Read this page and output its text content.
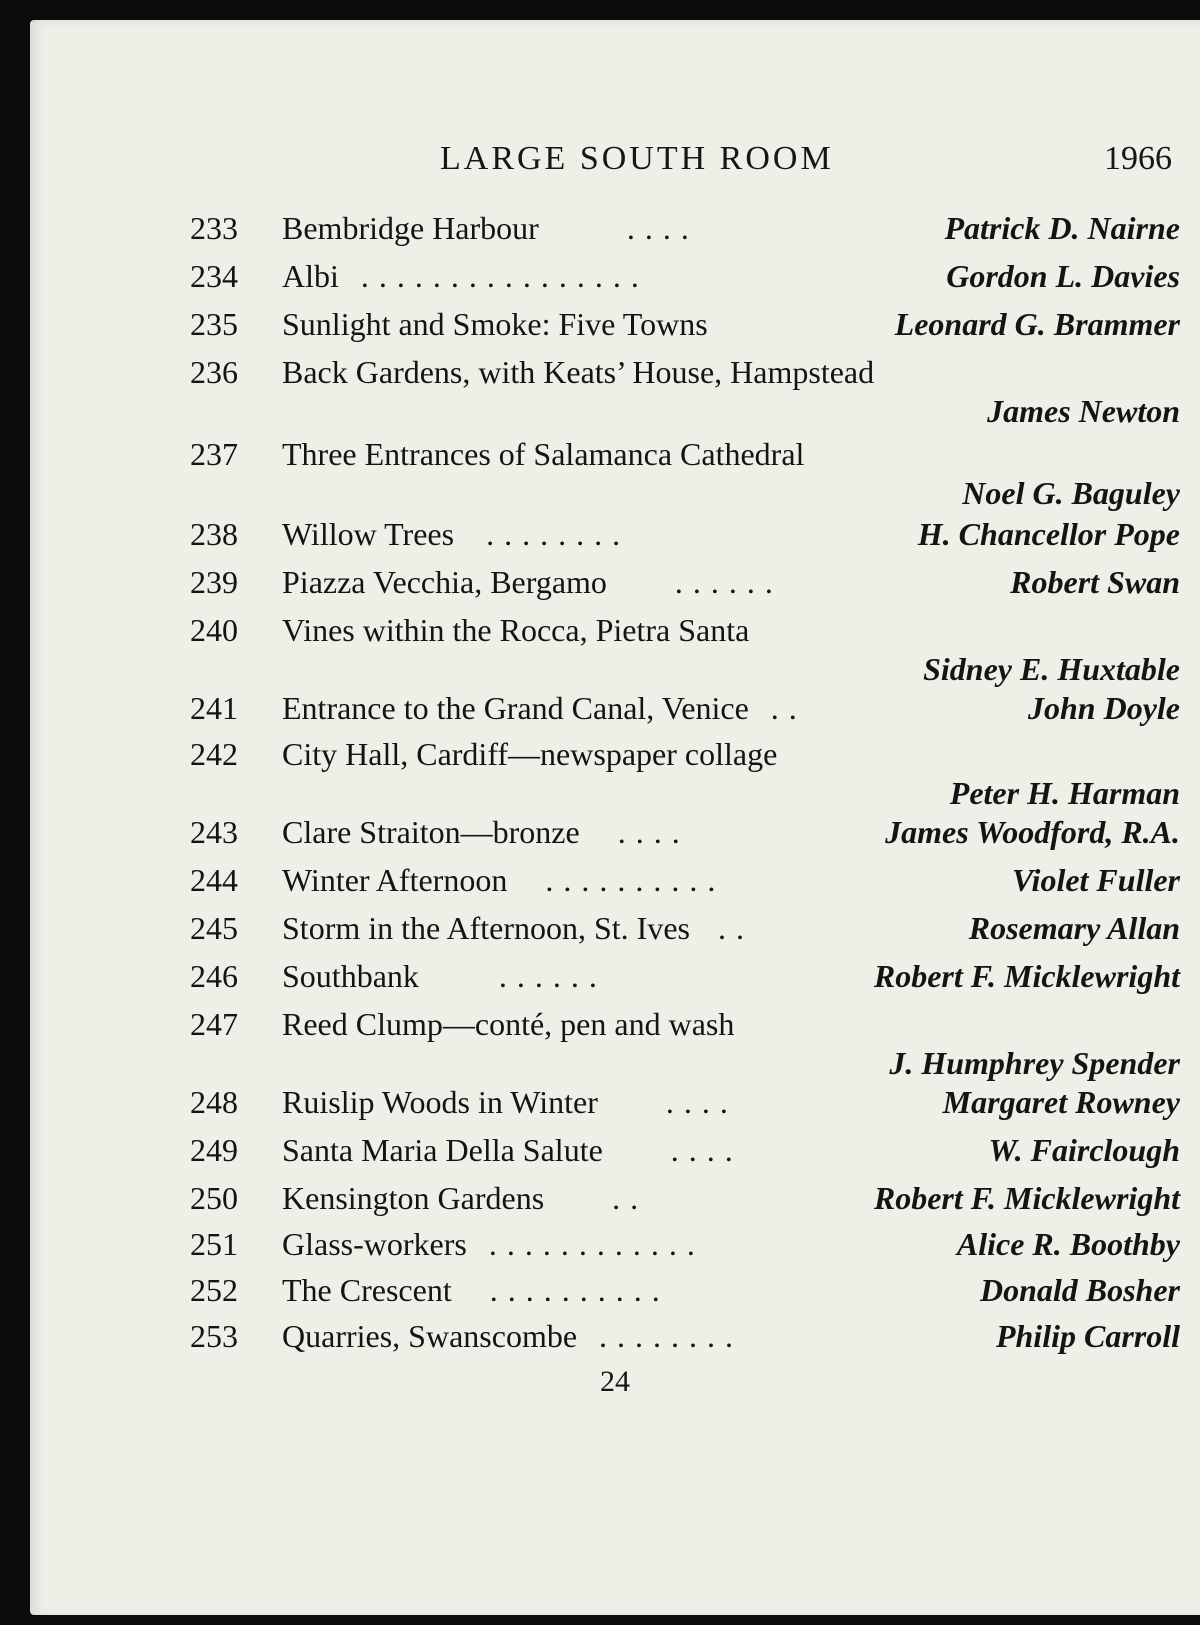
LARGE SOUTH ROOM	1966
233	Bembridge Harbour	. . . .	Patrick D. Nairne
234	Albi . . . . . . . . . . . . . . . .	Gordon L. Davies
235	Sunlight and Smoke: Five Towns	Leonard G. Brammer
236	Back Gardens, with Keats’ House, Hampstead
James Newton
237	Three Entrances of Salamanca Cathedral
Noel G. Baguley
238	Willow Trees . . . . . . . .	H. Chancellor Pope
239	Piazza Vecchia, Bergamo . . . . . .	Robert Swan
240	Vines within the Rocca, Pietra Santa
Sidney E. Huxtable
241	Entrance to the Grand Canal, Venice . .	John Doyle
242	City Hall, Cardiff—newspaper collage
Peter H. Harman
243	Clare Straiton—bronze . . . .	James Woodford, R.A.
244	Winter Afternoon . . . . . . . . . .	Violet Fuller
245	Storm in the Afternoon, St. Ives . .	Rosemary Allan
246	Southbank	. . . . . .	Robert F. Micklewright
247	Reed Clump—conté, pen and wash
J. Humphrey Spender
248	Ruislip Woods in Winter . . . .	Margaret Rowney
249	Santa Maria Della Salute . . . .	W. Fairclough
250	Kensington Gardens . .	Robert F. Micklewright
251	Glass-workers . . . . . . . . . . . .	Alice R. Boothby
252	The Crescent . . . . . . . . . .	Donald Bosher
253	Quarries, Swanscombe . . . . . . . .	Philip Carroll
24
